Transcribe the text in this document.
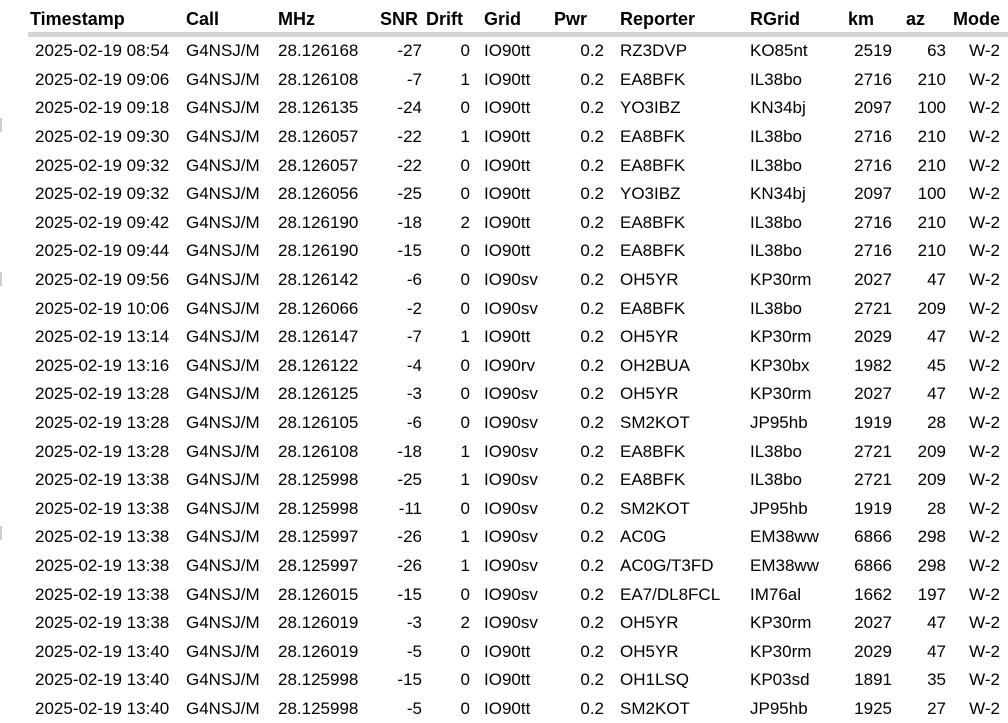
Timestamp	Call	MHz	SNR	Drift	Grid	Pwr	Reporter	RGrid	km	az	Mode
2025-02-19 08:54	G4NSJ/M	28.126168	-27	0	IO90tt	0.2	RZ3DVP	KO85nt	2519	63	W-2
2025-02-19 09:06	G4NSJ/M	28.126108	-7	1	IO90tt	0.2	EA8BFK	IL38bo	2716	210	W-2
2025-02-19 09:18	G4NSJ/M	28.126135	-24	0	IO90tt	0.2	YO3IBZ	KN34bj	2097	100	W-2
2025-02-19 09:30	G4NSJ/M	28.126057	-22	1	IO90tt	0.2	EA8BFK	IL38bo	2716	210	W-2
2025-02-19 09:32	G4NSJ/M	28.126057	-22	0	IO90tt	0.2	EA8BFK	IL38bo	2716	210	W-2
2025-02-19 09:32	G4NSJ/M	28.126056	-25	0	IO90tt	0.2	YO3IBZ	KN34bj	2097	100	W-2
2025-02-19 09:42	G4NSJ/M	28.126190	-18	2	IO90tt	0.2	EA8BFK	IL38bo	2716	210	W-2
2025-02-19 09:44	G4NSJ/M	28.126190	-15	0	IO90tt	0.2	EA8BFK	IL38bo	2716	210	W-2
2025-02-19 09:56	G4NSJ/M	28.126142	-6	0	IO90sv	0.2	OH5YR	KP30rm	2027	47	W-2
2025-02-19 10:06	G4NSJ/M	28.126066	-2	0	IO90sv	0.2	EA8BFK	IL38bo	2721	209	W-2
2025-02-19 13:14	G4NSJ/M	28.126147	-7	1	IO90tt	0.2	OH5YR	KP30rm	2029	47	W-2
2025-02-19 13:16	G4NSJ/M	28.126122	-4	0	IO90rv	0.2	OH2BUA	KP30bx	1982	45	W-2
2025-02-19 13:28	G4NSJ/M	28.126125	-3	0	IO90sv	0.2	OH5YR	KP30rm	2027	47	W-2
2025-02-19 13:28	G4NSJ/M	28.126105	-6	0	IO90sv	0.2	SM2KOT	JP95hb	1919	28	W-2
2025-02-19 13:28	G4NSJ/M	28.126108	-18	1	IO90sv	0.2	EA8BFK	IL38bo	2721	209	W-2
2025-02-19 13:38	G4NSJ/M	28.125998	-25	1	IO90sv	0.2	EA8BFK	IL38bo	2721	209	W-2
2025-02-19 13:38	G4NSJ/M	28.125998	-11	0	IO90sv	0.2	SM2KOT	JP95hb	1919	28	W-2
2025-02-19 13:38	G4NSJ/M	28.125997	-26	1	IO90sv	0.2	AC0G	EM38ww	6866	298	W-2
2025-02-19 13:38	G4NSJ/M	28.125997	-26	1	IO90sv	0.2	AC0G/T3FD	EM38ww	6866	298	W-2
2025-02-19 13:38	G4NSJ/M	28.126015	-15	0	IO90sv	0.2	EA7/DL8FCL	IM76al	1662	197	W-2
2025-02-19 13:38	G4NSJ/M	28.126019	-3	2	IO90sv	0.2	OH5YR	KP30rm	2027	47	W-2
2025-02-19 13:40	G4NSJ/M	28.126019	-5	0	IO90tt	0.2	OH5YR	KP30rm	2029	47	W-2
2025-02-19 13:40	G4NSJ/M	28.125998	-15	0	IO90tt	0.2	OH1LSQ	KP03sd	1891	35	W-2
2025-02-19 13:40	G4NSJ/M	28.125998	-5	0	IO90tt	0.2	SM2KOT	JP95hb	1925	27	W-2
